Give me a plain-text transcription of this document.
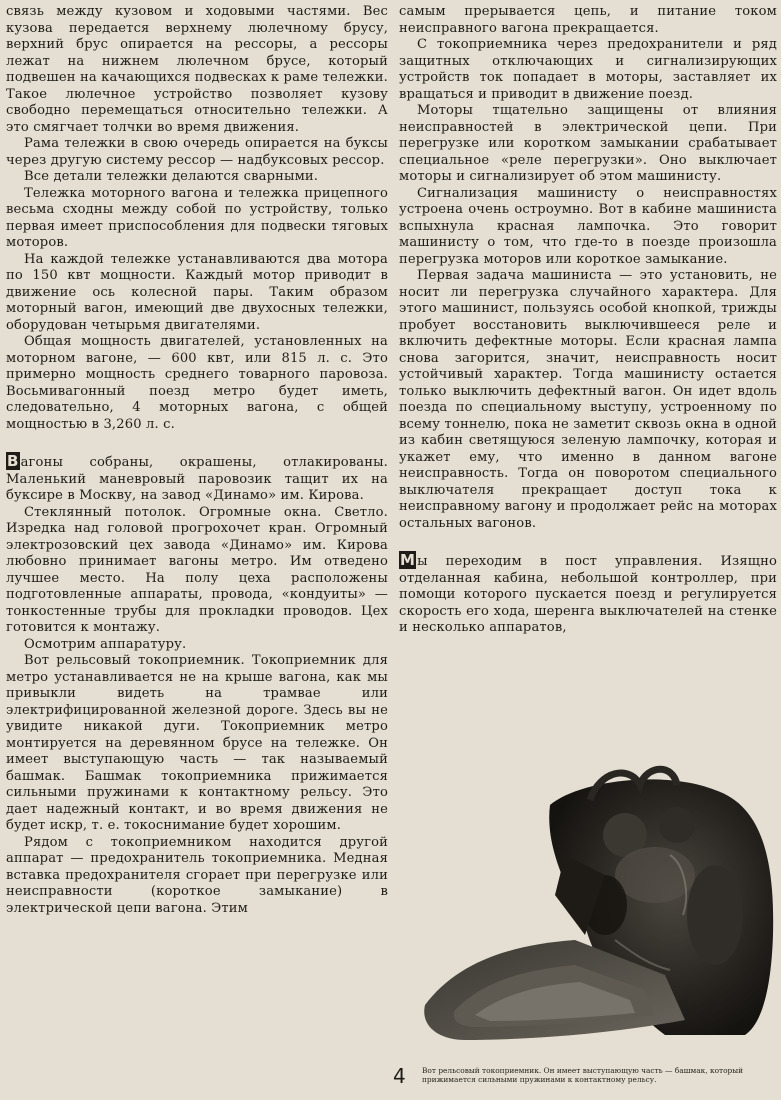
связь между кузовом и ходовыми частями. Вес кузова передается верхнему люлечному брусу, верхний брус опирается на рессоры, а рессоры лежат на нижнем люлечном брусе, который подвешен на качающихся подвесках к раме тележки. Такое люлечное устройство позволяет кузову свободно перемещаться относительно тележки. А это смягчает толчки во время движения.

Рама тележки в свою очередь опирается на буксы через другую систему рессор — надбуксовых рессор.

Все детали тележки делаются сварными.

Тележка моторного вагона и тележка прицепного весьма сходны между собой по устройству, только первая имеет приспособления для подвески тяговых моторов.

На каждой тележке устанавливаются два мотора по 150 квт мощности. Каждый мотор приводит в движение ось колесной пары. Таким образом моторный вагон, имеющий две двухосных тележки, оборудован четырьмя двигателями.

Общая мощность двигателей, установленных на моторном вагоне, — 600 квт, или 815 л. с. Это примерно мощность среднего товарного паровоза. Восьмивагонный поезд метро будет иметь, следовательно, 4 моторных вагона, с общей мощностью в 3,260 л. с.

В агоны собраны, окрашены, отлакированы. Маленький маневровый паровозик тащит их на буксире в Москву, на завод «Динамо» им. Кирова.

Стеклянный потолок. Огромные окна. Светло. Изредка над головой прогрохочет кран. Огромный электрозовский цех завода «Динамо» им. Кирова любовно принимает вагоны метро. Им отведено лучшее место. На полу цеха расположены подготовленные аппараты, провода, «кондуиты» — тонкостенные трубы для прокладки проводов. Цех готовится к монтажу.

Осмотрим аппаратуру.

Вот рельсовый токоприемник. Токоприемник для метро устанавливается не на крыше вагона, как мы привыкли видеть на трамвае или электрифицированной железной дороге. Здесь вы не увидите никакой дуги. Токоприемник метро монтируется на деревянном брусе на тележке. Он имеет выступающую часть — так называемый башмак. Башмак токоприемника прижимается сильными пружинами к контактному рельсу. Это дает надежный контакт, и во время движения не будет искр, т. е. токоснимание будет хорошим.

Рядом с токоприемником находится другой аппарат — предохранитель токоприемника. Медная вставка предохранителя сгорает при перегрузке или неисправности (короткое замыкание) в электрической цепи вагона. Этим

самым прерывается цепь, и питание током неисправного вагона прекращается.

С токоприемника через предохранители и ряд защитных отключающих и сигнализирующих устройств ток попадает в моторы, заставляет их вращаться и приводит в движение поезд.

Моторы тщательно защищены от влияния неисправностей в электрической цепи. При перегрузке или коротком замыкании срабатывает специальное «реле перегрузки». Оно выключает моторы и сигнализирует об этом машинисту.

Сигнализация машинисту о неисправностях устроена очень остроумно. Вот в кабине машиниста вспыхнула красная лампочка. Это говорит машинисту о том, что где-то в поезде произошла перегрузка моторов или короткое замыкание.

Первая задача машиниста — это установить, не носит ли перегрузка случайного характера. Для этого машинист, пользуясь особой кнопкой, трижды пробует восстановить выключившееся реле и включить дефектные моторы. Если красная лампа снова загорится, значит, неисправность носит устойчивый характер. Тогда машинисту остается только выключить дефектный вагон. Он идет вдоль поезда по специальному выступу, устроенному по всему тоннелю, пока не заметит сквозь окна в одной из кабин светящуюся зеленую лампочку, которая и укажет ему, что именно в данном вагоне неисправность. Тогда он поворотом специального выключателя прекращает доступ тока к неисправному вагону и продолжает рейс на моторах остальных вагонов.

М ы переходим в пост управления. Изящно отделанная кабина, небольшой контроллер, при помощи которого пускается поезд и регулируется скорость его хода, шеренга выключателей на стенке и несколько аппаратов,

Вот рельсовый токоприемник. Он имеет выступающую часть — башмак, который прижимается сильными пружинами к контактному рельсу.
4
